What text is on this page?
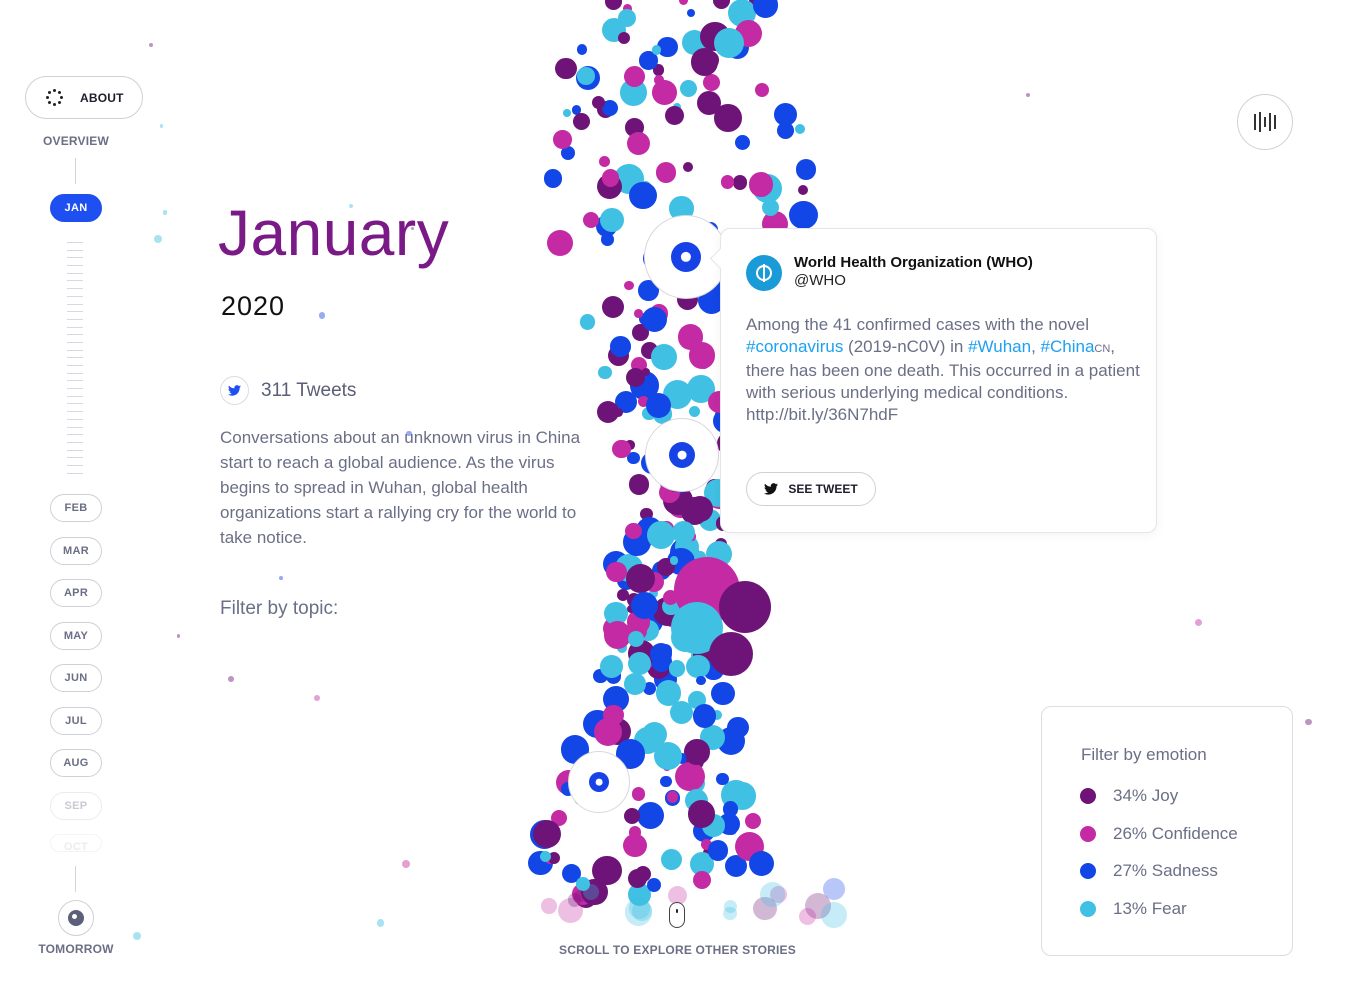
ABOUT
OVERVIEW
JAN
FEB
MAR
APR
MAY
JUN
JUL
AUG
SEP
OCT
TOMORROW
January
2020
311 Tweets
Conversations about an unknown virus in China start to reach a global audience. As the virus begins to spread in Wuhan, global health organizations start a rallying cry for the world to take notice.
Filter by topic:
World Health Organization (WHO)
@WHO
Among the 41 confirmed cases with the novel #coronavirus (2019-nC0V) in #Wuhan, #ChinaCN, there has been one death. This occurred in a patient with serious underlying medical conditions. http://bit.ly/36N7hdF
SEE TWEET
Filter by emotion
34% Joy
26% Confidence
27% Sadness
13% Fear
SCROLL TO EXPLORE OTHER STORIES
